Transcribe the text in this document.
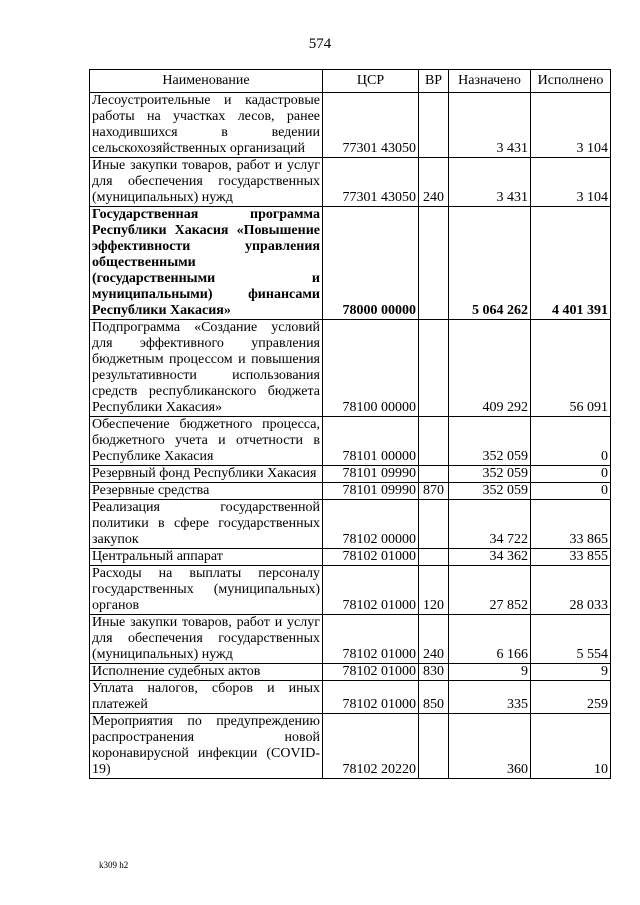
574
Наименование	ЦСР	ВР	Назначено	Исполнено
Лесоустроительные и кадастровые работы на участках лесов, ранее находившихся в ведении сельскохозяйственных организаций	77301 43050		3 431	3 104
Иные закупки товаров, работ и услуг для обеспечения государственных (муниципальных) нужд	77301 43050	240	3 431	3 104
Государственная программа Республики Хакасия «Повышение эффективности управления общественными (государственными и муниципальными) финансами Республики Хакасия»	78000 00000		5 064 262	4 401 391
Подпрограмма «Создание условий для эффективного управления бюджетным процессом и повышения результативности использования средств республиканского бюджета Республики Хакасия»	78100 00000		409 292	56 091
Обеспечение бюджетного процесса, бюджетного учета и отчетности в Республике Хакасия	78101 00000		352 059	0
Резервный фонд Республики Хакасия	78101 09990		352 059	0
Резервные средства	78101 09990	870	352 059	0
Реализация государственной политики в сфере государственных закупок	78102 00000		34 722	33 865
Центральный аппарат	78102 01000		34 362	33 855
Расходы на выплаты персоналу государственных (муниципальных) органов	78102 01000	120	27 852	28 033
Иные закупки товаров, работ и услуг для обеспечения государственных (муниципальных) нужд	78102 01000	240	6 166	5 554
Исполнение судебных актов	78102 01000	830	9	9
Уплата налогов, сборов и иных платежей	78102 01000	850	335	259
Мероприятия по предупреждению распространения новой коронавирусной инфекции (COVID-19)	78102 20220		360	10
k309 h2
